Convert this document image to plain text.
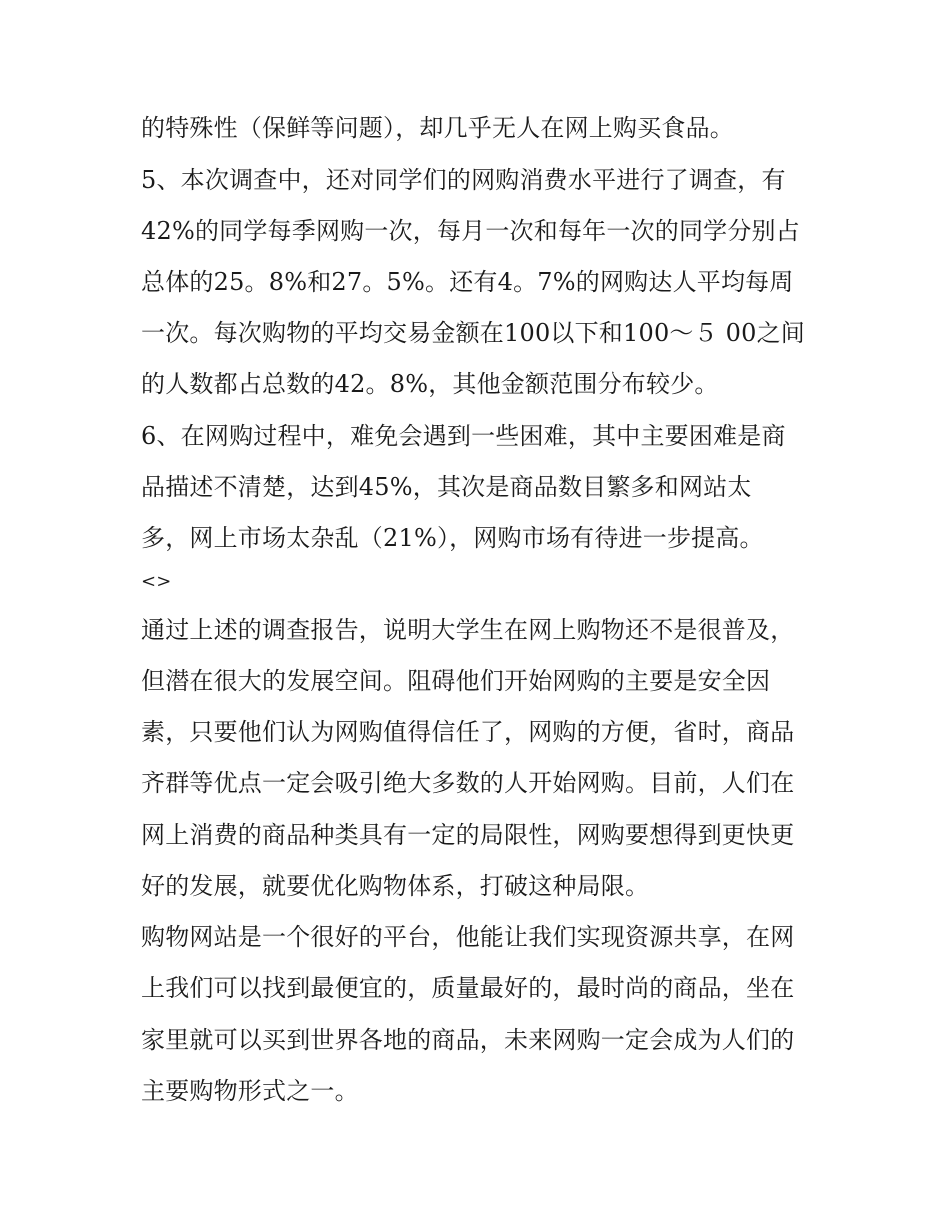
的特殊性（保鲜等问题），却几乎无人在网上购买食品。

5、本次调查中，还对同学们的网购消费水平进行了调查，有

42%的同学每季网购一次，每月一次和每年一次的同学分别占

总体的25。8%和27。5%。还有4。7%的网购达人平均每周

一次。每次购物的平均交易金额在100以下和100～５ 00之间

的人数都占总数的42。8%，其他金额范围分布较少。

6、在网购过程中，难免会遇到一些困难，其中主要困难是商

品描述不清楚，达到45%，其次是商品数目繁多和网站太

多，网上市场太杂乱（21%），网购市场有待进一步提高。

<>

通过上述的调查报告，说明大学生在网上购物还不是很普及，

但潜在很大的发展空间。阻碍他们开始网购的主要是安全因

素，只要他们认为网购值得信任了，网购的方便，省时，商品

齐群等优点一定会吸引绝大多数的人开始网购。目前，人们在

网上消费的商品种类具有一定的局限性，网购要想得到更快更

好的发展，就要优化购物体系，打破这种局限。

购物网站是一个很好的平台，他能让我们实现资源共享，在网

上我们可以找到最便宜的，质量最好的，最时尚的商品，坐在

家里就可以买到世界各地的商品，未来网购一定会成为人们的

主要购物形式之一。
